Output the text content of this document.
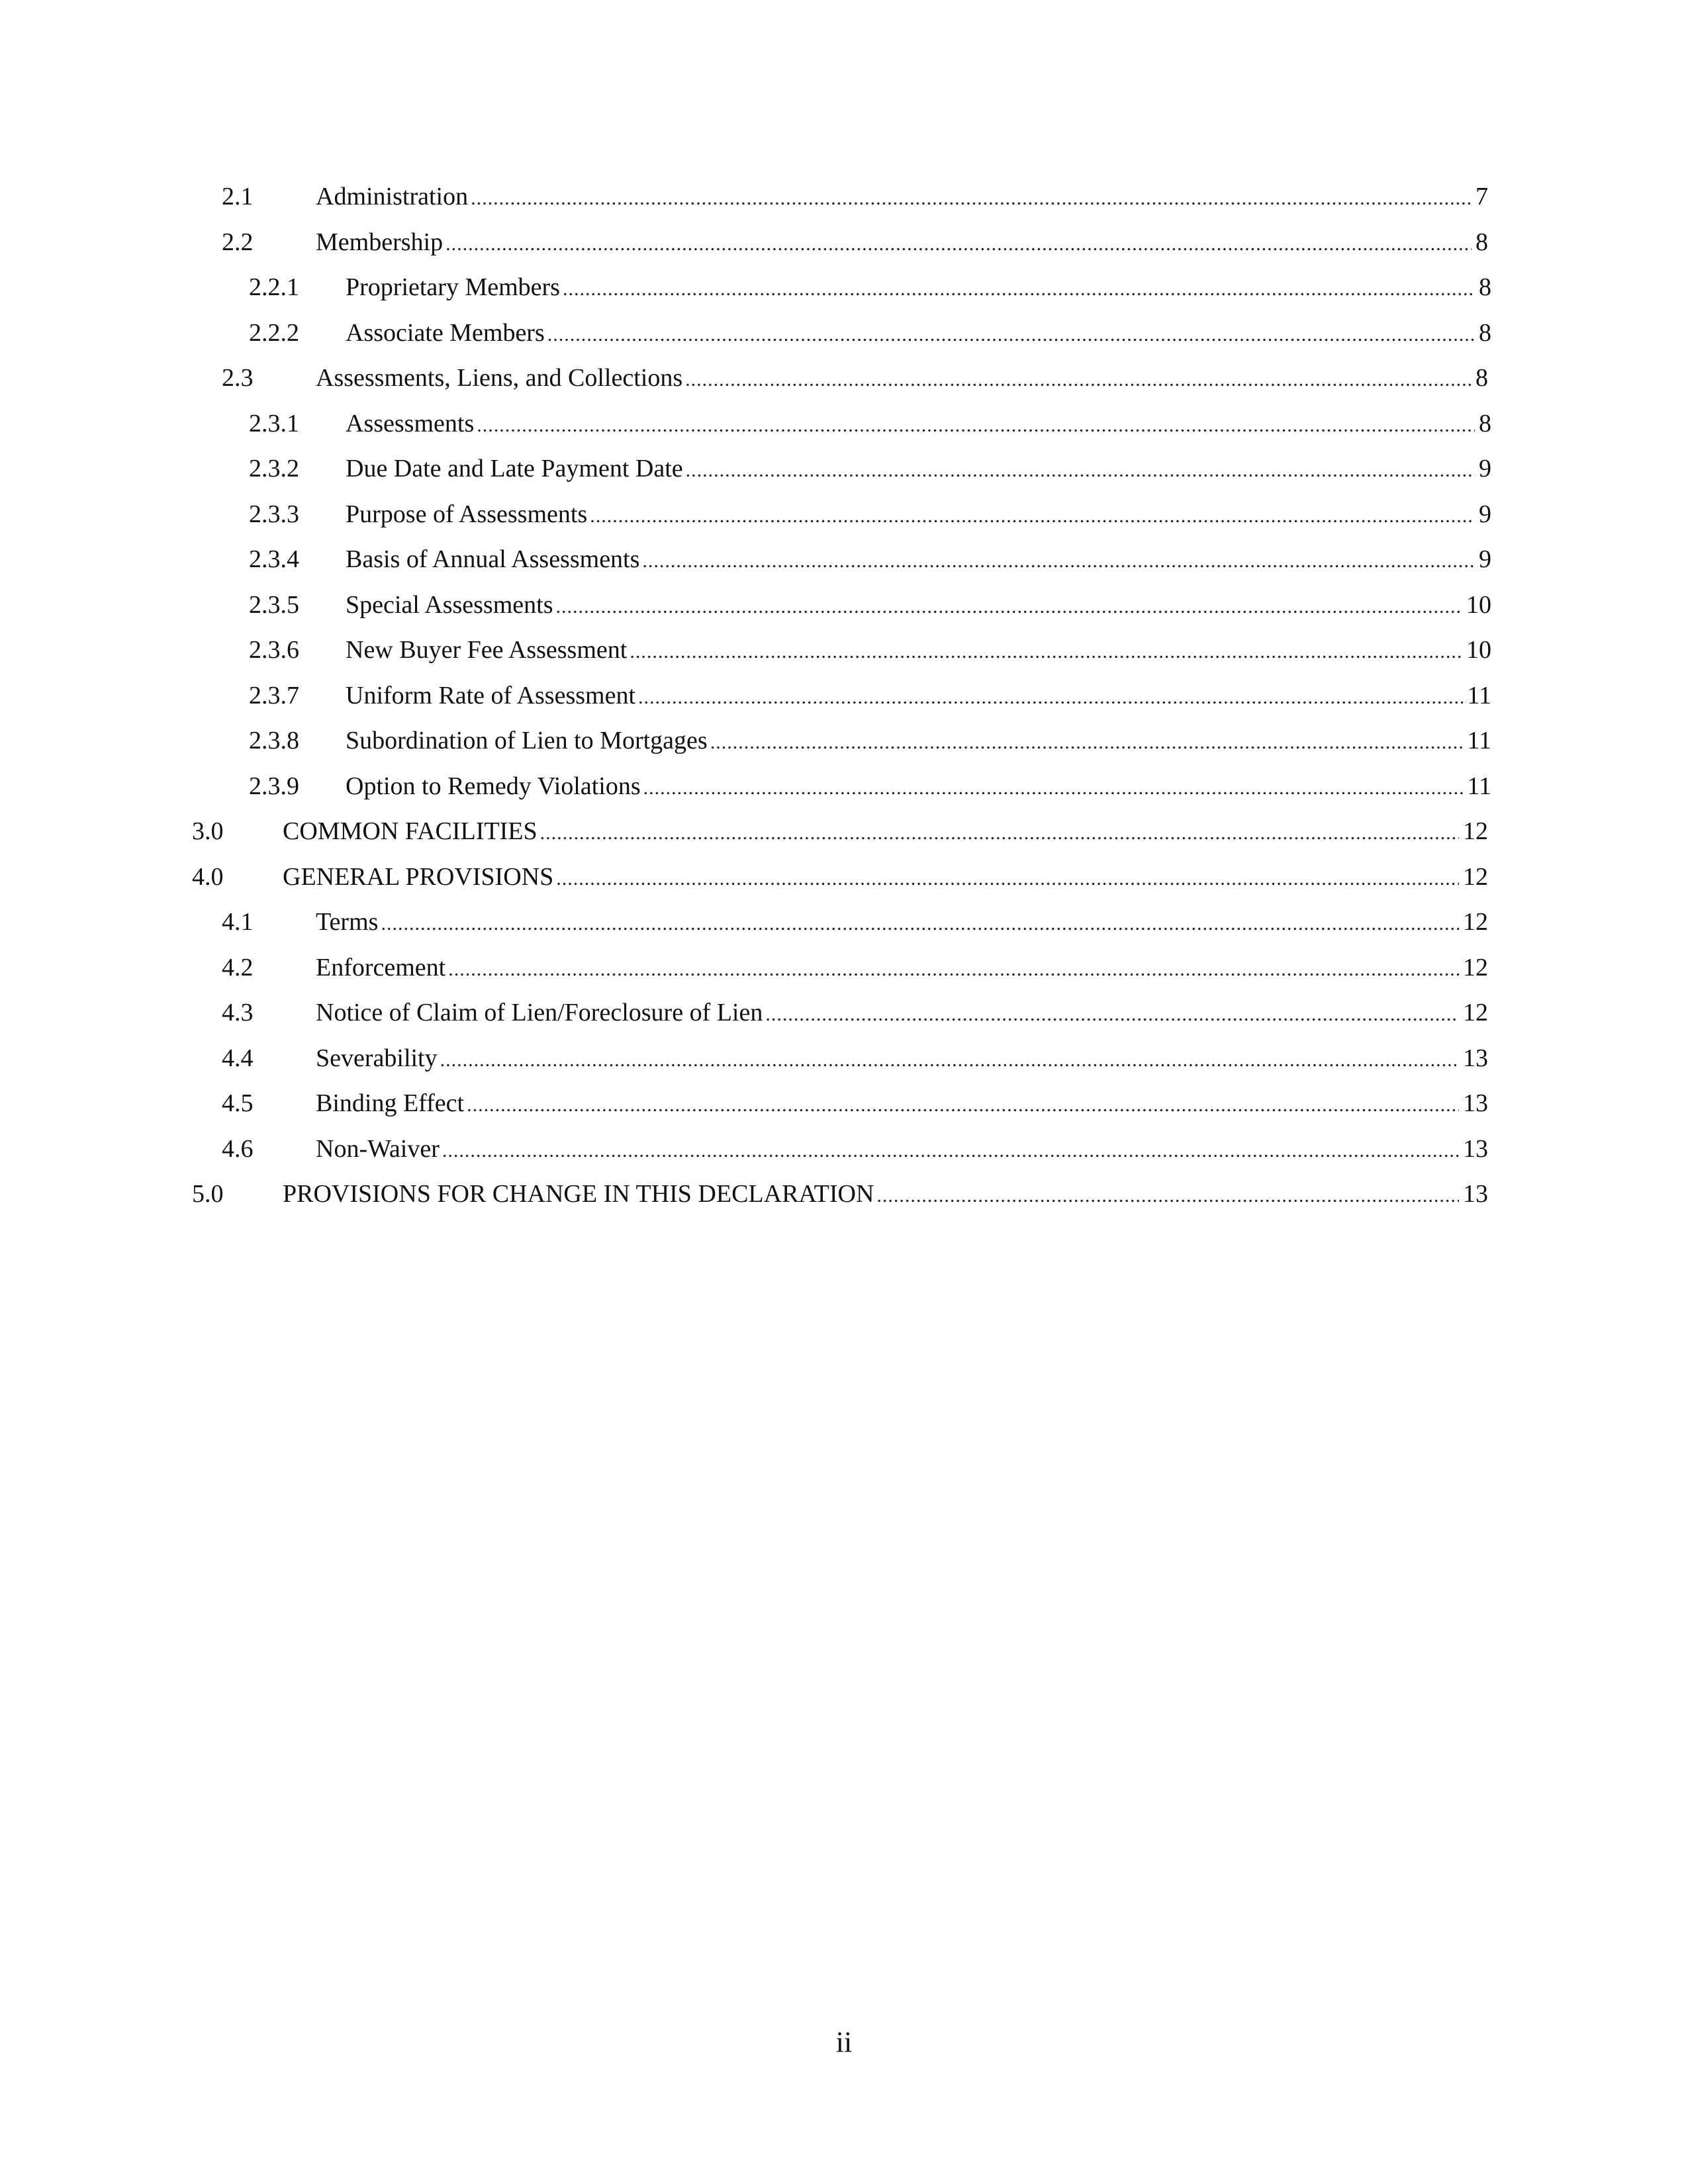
2.1 Administration .....	7
2.2 Membership .....	8
2.2.1 Proprietary Members .....	8
2.2.2 Associate Members .....	8
2.3 Assessments, Liens, and Collections .....	8
2.3.1 Assessments .....	8
2.3.2 Due Date and Late Payment Date .....	9
2.3.3 Purpose of Assessments .....	9
2.3.4 Basis of Annual Assessments .....	9
2.3.5 Special Assessments .....	10
2.3.6 New Buyer Fee Assessment .....	10
2.3.7 Uniform Rate of Assessment .....	11
2.3.8 Subordination of Lien to Mortgages .....	11
2.3.9 Option to Remedy Violations .....	11
3.0 COMMON FACILITIES .....	12
4.0 GENERAL PROVISIONS .....	12
4.1 Terms .....	12
4.2 Enforcement .....	12
4.3 Notice of Claim of Lien/Foreclosure of Lien .....	12
4.4 Severability .....	13
4.5 Binding Effect .....	13
4.6 Non-Waiver .....	13
5.0 PROVISIONS FOR CHANGE IN THIS DECLARATION .....	13
ii
